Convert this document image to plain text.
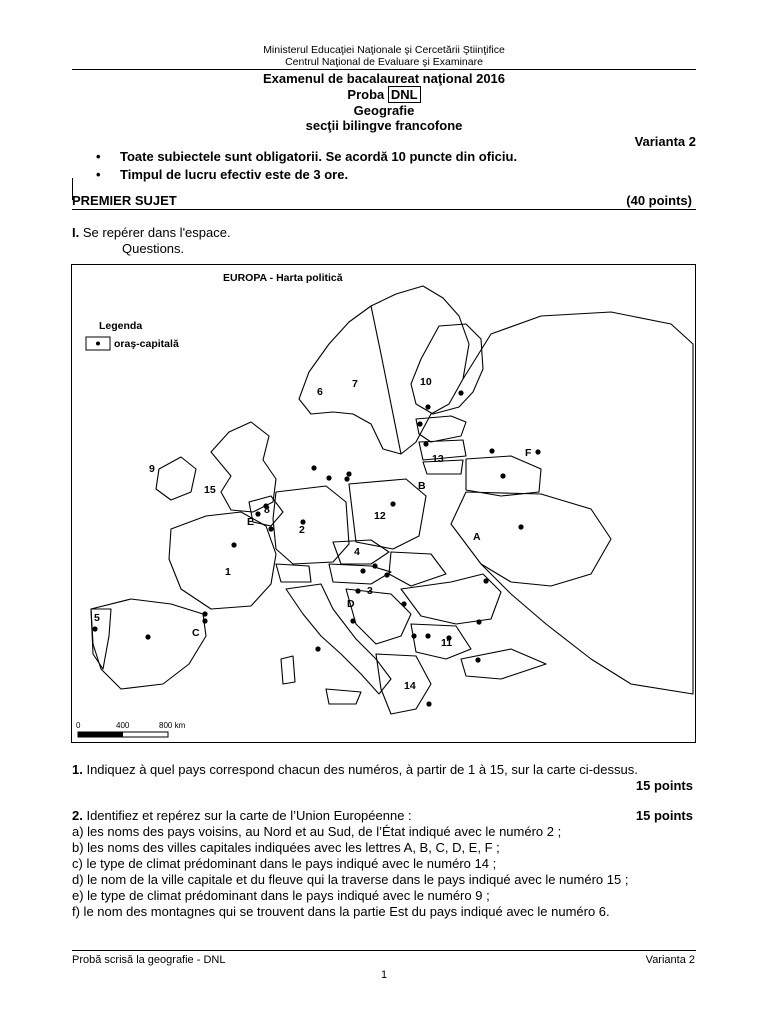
Ministerul Educaţiei Naţionale şi Cercetării Ştiinţifice
Centrul Naţional de Evaluare şi Examinare
Examenul de bacalaureat naţional 2016
Proba DNL
Geografie
secţii bilingve francofone
Varianta 2
• Toate subiectele sunt obligatorii. Se acordă 10 puncte din oficiu.
• Timpul de lucru efectiv este de 3 ore.
PREMIER SUJET	(40 points)
I. Se repérer dans l'espace.
Questions.
Legenda
oraş-capitală
EUROPA - Harta politică
0	400	800 km
1
2
3
4
5
6
7
8
9
10
11
12
13
14
15
A
B
C
D
E
F
1. Indiquez à quel pays correspond chacun des numéros, à partir de 1 à 15, sur la carte ci-dessus.
15 points
2. Identifiez et repérez sur la carte de l’Union Européenne :	15 points
a) les noms des pays voisins, au Nord et au Sud, de l’État indiqué avec le numéro 2 ;
b) les noms des villes capitales indiquées avec les lettres A, B, C, D, E, F ;
c) le type de climat prédominant dans le pays indiqué avec le numéro 14 ;
d) le nom de la ville capitale et du fleuve qui la traverse dans le pays indiqué avec le numéro 15 ;
e) le type de climat prédominant dans le pays indiqué avec le numéro 9 ;
f) le nom des montagnes qui se trouvent dans la partie Est du pays indiqué avec le numéro 6.
Probă scrisă la geografie - DNL	Varianta 2
1
